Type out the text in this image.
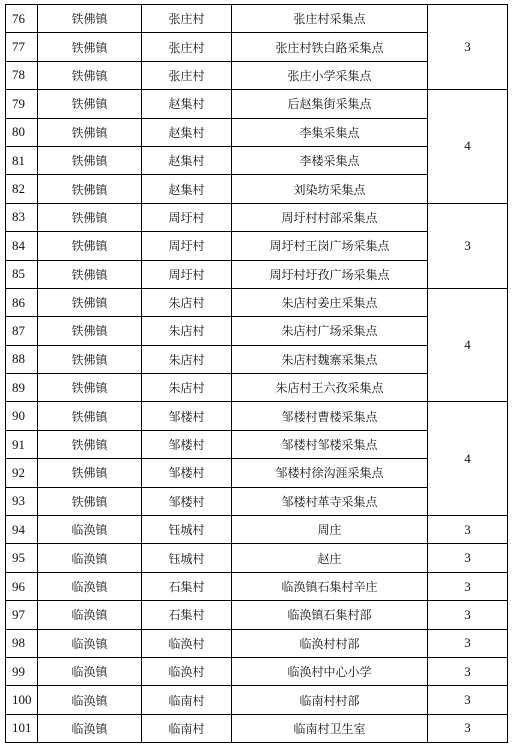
76	铁佛镇	张庄村	张庄村采集点	3
77	铁佛镇	张庄村	张庄村铁白路采集点	
78	铁佛镇	张庄村	张庄小学采集点	
79	铁佛镇	赵集村	后赵集街采集点	4
80	铁佛镇	赵集村	李集采集点	
81	铁佛镇	赵集村	李楼采集点	
82	铁佛镇	赵集村	刘染坊采集点	
83	铁佛镇	周圩村	周圩村村部采集点	3
84	铁佛镇	周圩村	周圩村王岗广场采集点	
85	铁佛镇	周圩村	周圩村圩孜广场采集点	
86	铁佛镇	朱店村	朱店村姜庄采集点	4
87	铁佛镇	朱店村	朱店村广场采集点	
88	铁佛镇	朱店村	朱店村魏寨采集点	
89	铁佛镇	朱店村	朱店村王六孜采集点	
90	铁佛镇	邹楼村	邹楼村曹楼采集点	4
91	铁佛镇	邹楼村	邹楼村邹楼采集点	
92	铁佛镇	邹楼村	邹楼村徐沟涯采集点	
93	铁佛镇	邹楼村	邹楼村革寺采集点	
94	临涣镇	钰城村	周庄	3
95	临涣镇	钰城村	赵庄	3
96	临涣镇	石集村	临涣镇石集村辛庄	3
97	临涣镇	石集村	临涣镇石集村部	3
98	临涣镇	临涣村	临涣村村部	3
99	临涣镇	临涣村	临涣村中心小学	3
100	临涣镇	临南村	临南村村部	3
101	临涣镇	临南村	临南村卫生室	3
